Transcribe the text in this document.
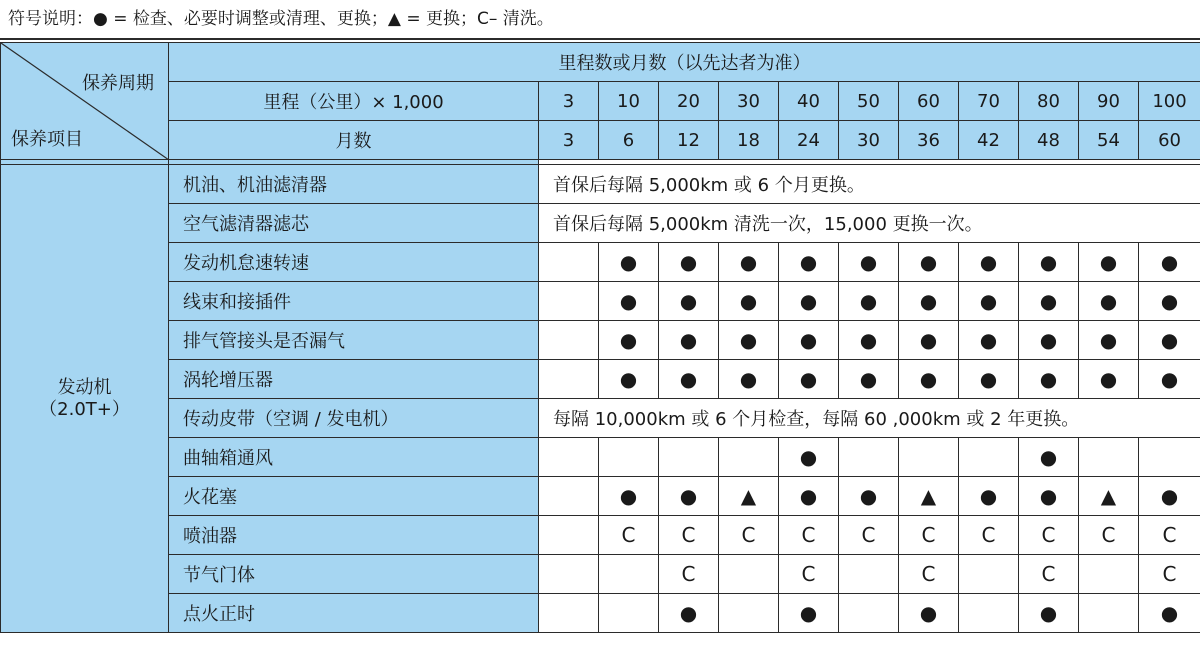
符号说明：● = 检查、必要时调整或清理、更换；▲ = 更换；C– 清洗。
保养周期
保养项目	里程数或月数（以先达者为准）											
	里程（公里）× 1,000	3	10	20	30	40	50	60	70	80	90	100
	月数	3	6	12	18	24	30	36	42	48	54	60

发动机
（2.0T+）	机油、机油滤清器	首保后每隔 5,000km 或 6 个月更换。										
	空气滤清器滤芯	首保后每隔 5,000km 清洗一次，15,000 更换一次。										
	发动机怠速转速		●	●	●	●	●	●	●	●	●	●
	线束和接插件		●	●	●	●	●	●	●	●	●	●
	排气管接头是否漏气		●	●	●	●	●	●	●	●	●	●
	涡轮增压器		●	●	●	●	●	●	●	●	●	●
	传动皮带（空调 / 发电机）	每隔 10,000km 或 6 个月检查，每隔 60 ,000km 或 2 年更换。										
	曲轴箱通风					●				●		
	火花塞		●	●	▲	●	●	▲	●	●	▲	●
	喷油器		C	C	C	C	C	C	C	C	C	C
	节气门体			C		C		C		C		C
	点火正时			●		●		●		●		●
